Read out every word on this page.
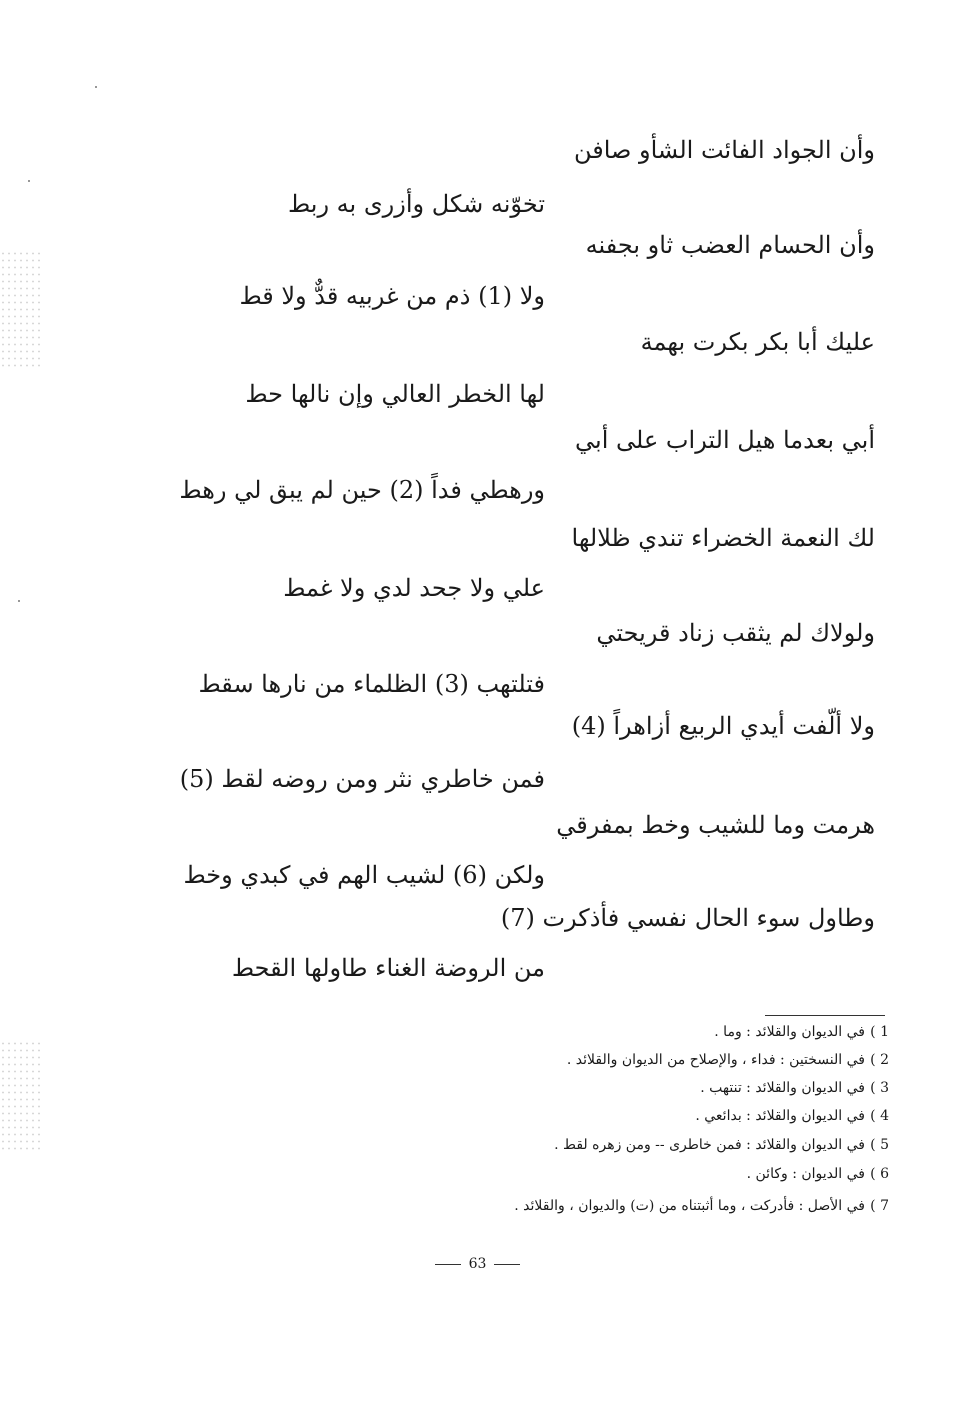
وأن الجواد الفائت الشأو صافن
تخوّنه شكل وأزرى به ربط
وأن الحسام العضب ثاو بجفنه
ولا (1) ذم من غربيه قدٌّ ولا قط
عليك أبا بكر بكرت بهمة
لها الخطر العالي وإن نالها حط
أبي بعدما هيل التراب على أبي
ورهطي فداً (2) حين لم يبق لي رهط
لك النعمة الخضراء تندي ظلالها
علي ولا جحد لدي ولا غمط
ولولاك لم يثقب زناد قريحتي
فتلتهب (3) الظلماء من نارها سقط
ولا ألّفت أيدي الربيع أزاهراً (4)
فمن خاطري نثر ومن روضه لقط (5)
هرمت وما للشيب وخط بمفرقي
ولكن (6) لشيب الهم في كبدي وخط
وطاول سوء الحال نفسي فأذكرت (7)
من الروضة الغناء طاولها القحط
1 )في الديوان والقلائد : وما .
2 )في النسختين : فداء ، والإصلاح من الديوان والقلائد .
3 )في الديوان والقلائد : تنتهب .
4 )في الديوان والقلائد : بدائعي .
5 )في الديوان والقلائد : فمن خاطرى -- ومن زهره لقط .
6 )في الديوان : وكائن .
7 )في الأصل : فأدركت ، وما أثبتناه من (ت) والديوان ، والقلائد .
63
